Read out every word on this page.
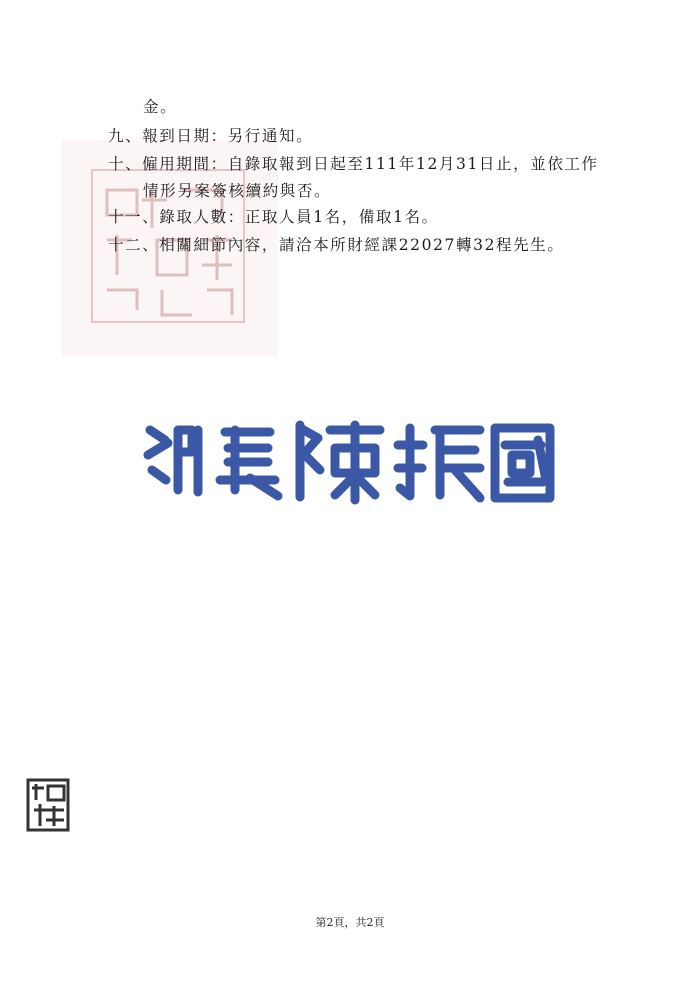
金。
九、報到日期：另行通知。
十、僱用期間：自錄取報到日起至111年12月31日止，並依工作
情形另案簽核續約與否。
十一、錄取人數：正取人員1名，備取1名。
十二、相關細節內容，請洽本所財經課22027轉32程先生。
第2頁，共2頁
